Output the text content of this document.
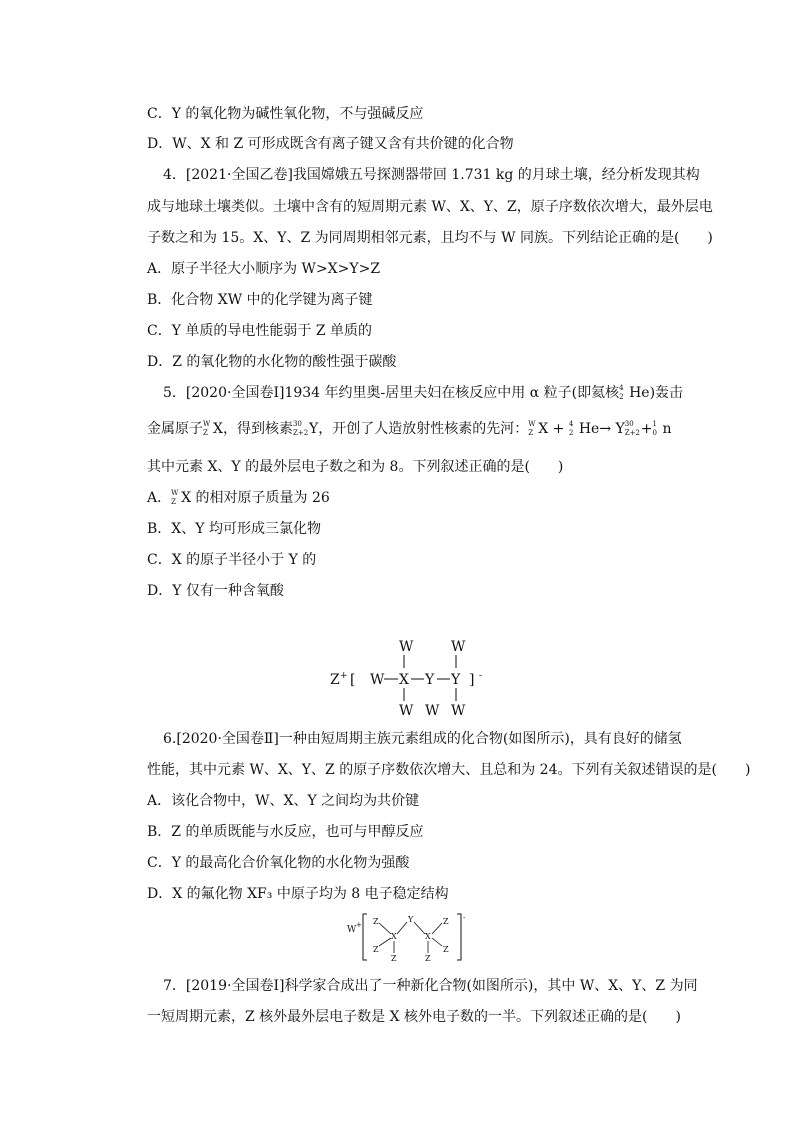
C．Y 的氧化物为碱性氧化物，不与强碱反应
D．W、X 和 Z 可形成既含有离子键又含有共价键的化合物
4．[2021·全国乙卷]我国嫦娥五号探测器带回 1.731 kg 的月球土壤，经分析发现其构
成与地球土壤类似。土壤中含有的短周期元素 W、X、Y、Z，原子序数依次增大，最外层电
子数之和为 15。X、Y、Z 为同周期相邻元素，且均不与 W 同族。下列结论正确的是(　　)
A．原子半径大小顺序为 W>X>Y>Z
B．化合物 XW 中的化学键为离子键
C．Y 单质的导电性能弱于 Z 单质的
D．Z 的氧化物的水化物的酸性强于碳酸
5．[2020·全国卷Ⅰ]1934 年约里奥-居里夫妇在核反应中用 α 粒子(即氦核 4
2 He)轰击
金属原子 W
Z X，得到核素 30
Z+2 Y，开创了人造放射性核素的先河： W
Z X + 4
2 He→ Y 30
Z+2 + 1
0 n
其中元素 X、Y 的最外层电子数之和为 8。下列叙述正确的是(　　)
A． W
Z X 的相对原子质量为 26
B．X、Y 均可形成三氯化物
C．X 的原子半径小于 Y 的
D．Y 仅有一种含氧酸
Z + [ W X Y Y ] -
W	W
W W W
6.[2020·全国卷Ⅱ]一种由短周期主族元素组成的化合物(如图所示)，具有良好的储氢
性能，其中元素 W、X、Y、Z 的原子序数依次增大、且总和为 24。下列有关叙述错误的是(　　)
A．该化合物中，W、X、Y 之间均为共价键
B．Z 的单质既能与水反应，也可与甲醇反应
C．Y 的最高化合价氧化物的水化物为强酸
D．X 的氟化物 XF₃ 中原子均为 8 电子稳定结构
W +
-
X
Z
Z
Z
Y
X
Z
Z
Z
7．[2019·全国卷Ⅰ]科学家合成出了一种新化合物(如图所示)，其中 W、X、Y、Z 为同
一短周期元素，Z 核外最外层电子数是 X 核外电子数的一半。下列叙述正确的是(　　)
